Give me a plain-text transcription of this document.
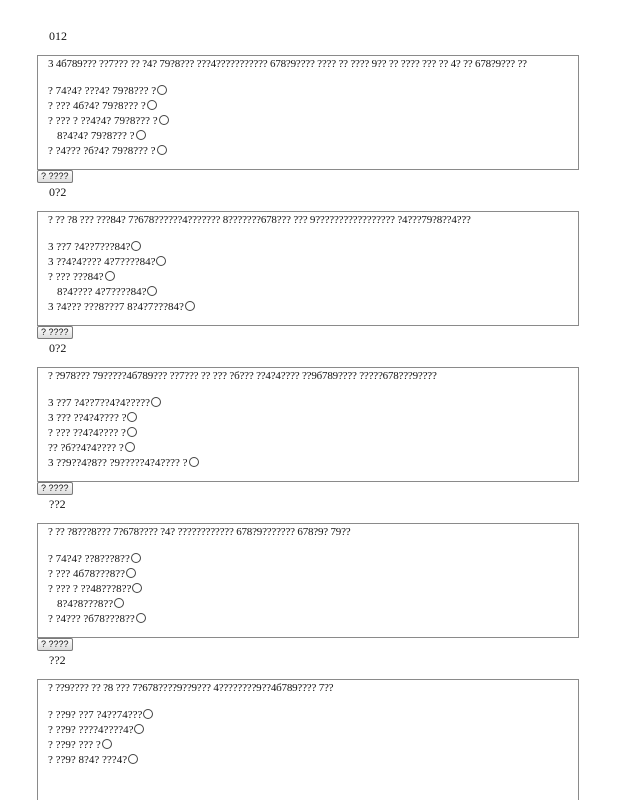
012
3 4б789??? ??7??? ?? ?4? 79?8??? ???4??????????? 678?9???? ???? ?? ???? 9?? ?? ???? ??? ?? 4? ?? 678?9??? ??
? 74?4? ???4? 79?8??? ?
? ??? 4б?4? 79?8??? ?
? ??? ? ??4?4? 79?8??? ?
8?4?4? 79?8??? ?
? ?4??? ?б?4? 79?8??? ?
? ????
0?2
? ?? ?8 ??? ???84? 7?678??????4??????? 8???????678??? ??? 9????????????????? ?4???79?8??4???
3 ??7 ?4??7???84?
3 ??4?4???? 4?7????84?
? ??? ???84?
8?4???? 4?7????84?
3 ?4??? ???8???7 8?4?7???84?
? ????
0?2
? ?978??? 79?????4б789??? ??7??? ?? ??? ?б??? ??4?4???? ??9б789???? ?????678???9????
3 ??7 ?4??7??4?4?????
3 ??? ??4?4???? ?
? ??? ??4?4???? ?
?? ?б??4?4???? ?
3 ??9??4?8?? ?9?????4?4???? ?
? ????
??2
? ?? ?8???8??? 7?678???? ?4? ???????????? 678?9??????? 678?9? 79??
? 74?4? ??8???8??
? ??? 4б78???8??
? ??? ? ??48???8??
8?4?8???8??
? ?4??? ?б78???8??
? ????
??2
? ??9???? ?? ?8 ??? 7?678????9??9??? 4????????9??4б789???? 7??
? ??9? ??7 ?4??74???
? ??9? ????4????4?
? ??9? ??? ?
? ??9? 8?4? ???4?
